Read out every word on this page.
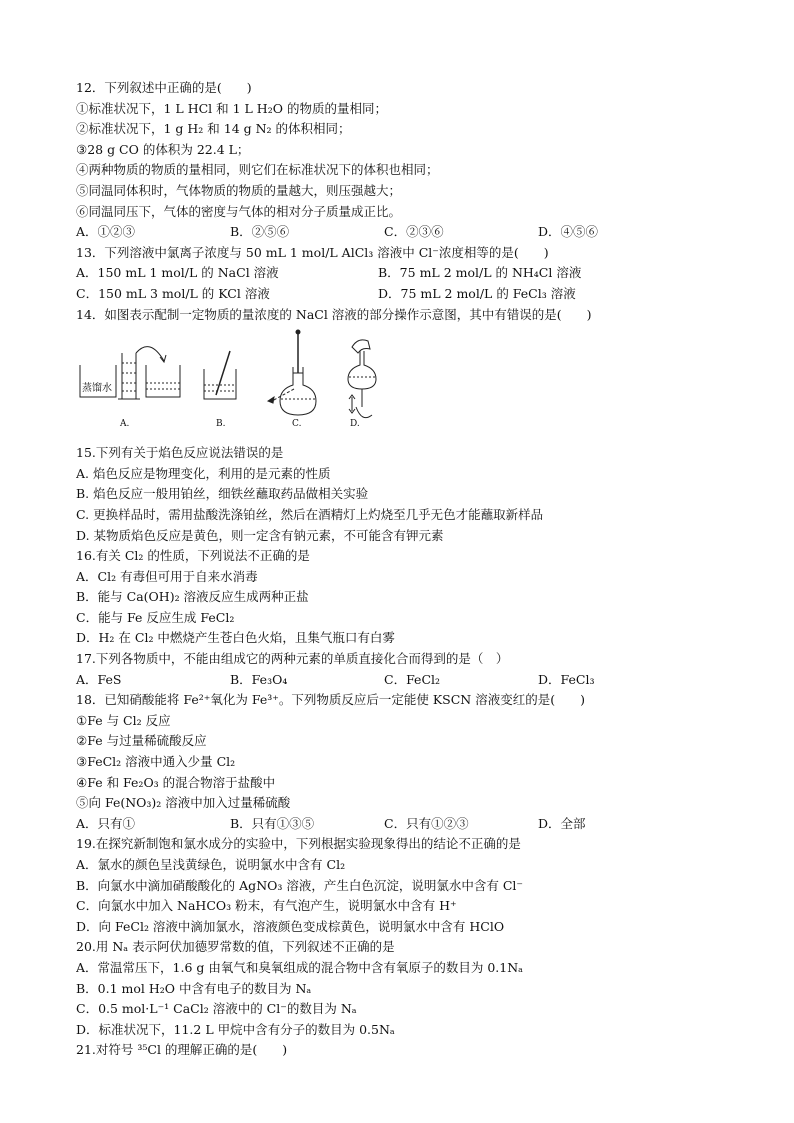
12．下列叙述中正确的是(　　)
①标准状况下，1 L HCl 和 1 L H₂O 的物质的量相同；
②标准状况下，1 g H₂ 和 14 g N₂ 的体积相同；
③28 g CO 的体积为 22.4 L；
④两种物质的物质的量相同，则它们在标准状况下的体积也相同；
⑤同温同体积时，气体物质的物质的量越大，则压强越大；
⑥同温同压下，气体的密度与气体的相对分子质量成正比。
A．①②③	B．②⑤⑥	C．②③⑥	D．④⑤⑥
13．下列溶液中氯离子浓度与 50 mL 1 mol/L AlCl₃ 溶液中 Cl⁻浓度相等的是(　　)
A．150 mL 1 mol/L 的 NaCl 溶液	B．75 mL 2 mol/L 的 NH₄Cl 溶液
C．150 mL 3 mol/L 的 KCl 溶液	D．75 mL 2 mol/L 的 FeCl₃ 溶液
14．如图表示配制一定物质的量浓度的 NaCl 溶液的部分操作示意图，其中有错误的是(　　)
蒸馏水
A.	B.	C.	D.
15.下列有关于焰色反应说法错误的是
A. 焰色反应是物理变化，利用的是元素的性质
B. 焰色反应一般用铂丝，细铁丝蘸取药品做相关实验
C. 更换样品时，需用盐酸洗涤铂丝，然后在酒精灯上灼烧至几乎无色才能蘸取新样品
D. 某物质焰色反应是黄色，则一定含有钠元素，不可能含有钾元素
16.有关 Cl₂ 的性质，下列说法不正确的是
A．Cl₂ 有毒但可用于自来水消毒
B．能与 Ca(OH)₂ 溶液反应生成两种正盐
C．能与 Fe 反应生成 FeCl₂
D．H₂ 在 Cl₂ 中燃烧产生苍白色火焰，且集气瓶口有白雾
17.下列各物质中，不能由组成它的两种元素的单质直接化合而得到的是（　）
A．FeS	B．Fe₃O₄	C．FeCl₂	D．FeCl₃
18．已知硝酸能将 Fe²⁺氧化为 Fe³⁺。下列物质反应后一定能使 KSCN 溶液变红的是(　　)
①Fe 与 Cl₂ 反应
②Fe 与过量稀硫酸反应
③FeCl₂ 溶液中通入少量 Cl₂
④Fe 和 Fe₂O₃ 的混合物溶于盐酸中
⑤向 Fe(NO₃)₂ 溶液中加入过量稀硫酸
A．只有①	B．只有①③⑤	C．只有①②③	D．全部
19.在探究新制饱和氯水成分的实验中，下列根据实验现象得出的结论不正确的是
A．氯水的颜色呈浅黄绿色，说明氯水中含有 Cl₂
B．向氯水中滴加硝酸酸化的 AgNO₃ 溶液，产生白色沉淀，说明氯水中含有 Cl⁻
C．向氯水中加入 NaHCO₃ 粉末，有气泡产生，说明氯水中含有 H⁺
D．向 FeCl₂ 溶液中滴加氯水，溶液颜色变成棕黄色，说明氯水中含有 HClO
20.用 Nₐ 表示阿伏加德罗常数的值，下列叙述不正确的是
A．常温常压下，1.6 g 由氧气和臭氧组成的混合物中含有氧原子的数目为 0.1Nₐ
B．0.1 mol H₂O 中含有电子的数目为 Nₐ
C．0.5 mol·L⁻¹ CaCl₂ 溶液中的 Cl⁻的数目为 Nₐ
D．标准状况下，11.2 L 甲烷中含有分子的数目为 0.5Nₐ
21.对符号 ³⁵Cl 的理解正确的是(　　)
